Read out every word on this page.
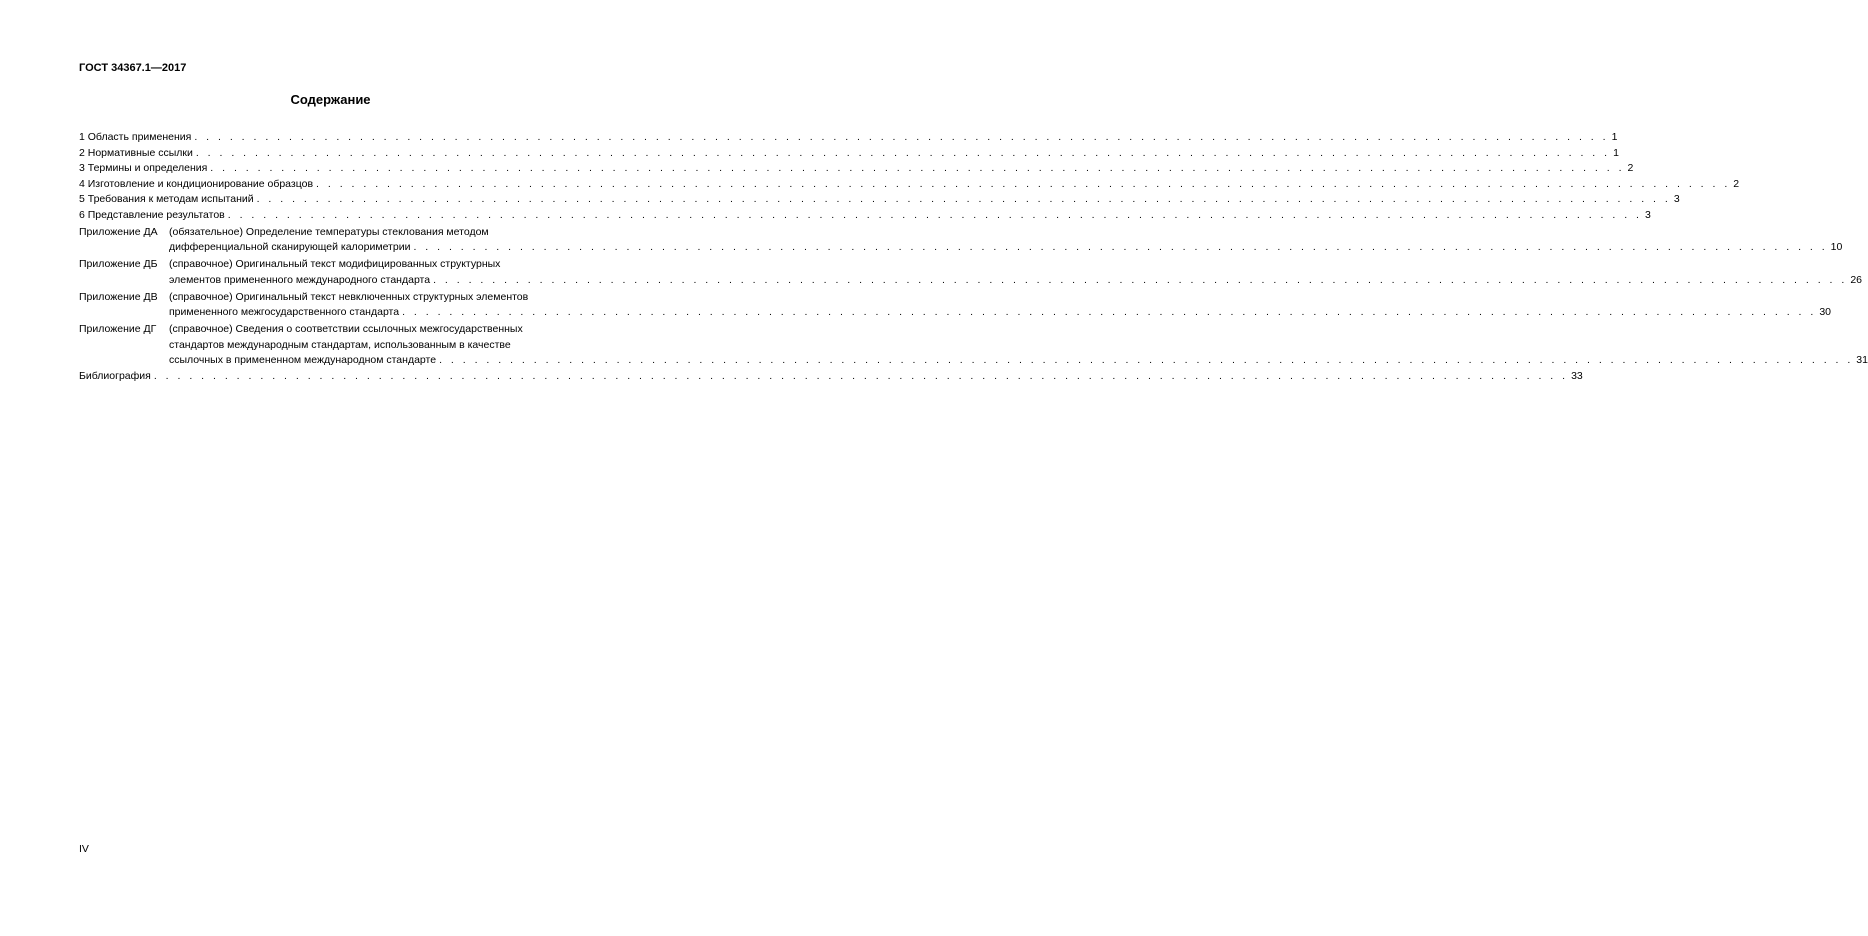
ГОСТ 34367.1—2017
Содержание
1 Область применения . . . . . . . . . . . . . . . . . . . . . . . . . . . . . . . . . . . . . . . . . . . . . . . . . . . . . . . . . . . . . . . . . . . . . . . . . . . . . . . . . . . . . . . . . . . . . . . . . . . . . . . . . . . . . . . . . . . . . . . . 1
2 Нормативные ссылки . . . . . . . . . . . . . . . . . . . . . . . . . . . . . . . . . . . . . . . . . . . . . . . . . . . . . . . . . . . . . . . . . . . . . . . . . . . . . . . . . . . . . . . . . . . . . . . . . . . . . . . . . . . . . . . . . . . . . . . . 1
3 Термины и определения . . . . . . . . . . . . . . . . . . . . . . . . . . . . . . . . . . . . . . . . . . . . . . . . . . . . . . . . . . . . . . . . . . . . . . . . . . . . . . . . . . . . . . . . . . . . . . . . . . . . . . . . . . . . . . . . . . . . . . . . 2
4 Изготовление и кондиционирование образцов . . . . . . . . . . . . . . . . . . . . . . . . . . . . . . . . . . . . . . . . . . . . . . . . . . . . . . . . . . . . . . . . . . . . . . . . . . . . . . . . . . . . . . . . . . . . . . . . . . . . . . . . . . . . . . . . . . . . . . . . 2
5 Требования к методам испытаний . . . . . . . . . . . . . . . . . . . . . . . . . . . . . . . . . . . . . . . . . . . . . . . . . . . . . . . . . . . . . . . . . . . . . . . . . . . . . . . . . . . . . . . . . . . . . . . . . . . . . . . . . . . . . . . . . . . . . . . . 3
6 Представление результатов . . . . . . . . . . . . . . . . . . . . . . . . . . . . . . . . . . . . . . . . . . . . . . . . . . . . . . . . . . . . . . . . . . . . . . . . . . . . . . . . . . . . . . . . . . . . . . . . . . . . . . . . . . . . . . . . . . . . . . . . 3
Приложение ДА	(обязательное) Определение температуры стеклования методом
дифференциальной сканирующей калориметрии . . . . . . . . . . . . . . . . . . . . . . . . . . . . . . . . . . . . . . . . . . . . . . . . . . . . . . . . . . . . . . . . . . . . . . . . . . . . . . . . . . . . . . . . . . . . . . . . . . . . . . . . . . . . . . . . . . . . . . . . 10
Приложение ДБ	(справочное) Оригинальный текст модифицированных структурных
элементов примененного международного стандарта . . . . . . . . . . . . . . . . . . . . . . . . . . . . . . . . . . . . . . . . . . . . . . . . . . . . . . . . . . . . . . . . . . . . . . . . . . . . . . . . . . . . . . . . . . . . . . . . . . . . . . . . . . . . . . . . . . . . . . . . 26
Приложение ДВ	(справочное) Оригинальный текст невключенных структурных элементов
примененного межгосударственного стандарта . . . . . . . . . . . . . . . . . . . . . . . . . . . . . . . . . . . . . . . . . . . . . . . . . . . . . . . . . . . . . . . . . . . . . . . . . . . . . . . . . . . . . . . . . . . . . . . . . . . . . . . . . . . . . . . . . . . . . . . . 30
Приложение ДГ	(справочное) Сведения о соответствии ссылочных межгосударственных
стандартов международным стандартам, использованным в качестве
ссылочных в примененном международном стандарте . . . . . . . . . . . . . . . . . . . . . . . . . . . . . . . . . . . . . . . . . . . . . . . . . . . . . . . . . . . . . . . . . . . . . . . . . . . . . . . . . . . . . . . . . . . . . . . . . . . . . . . . . . . . . . . . . . . . . . . . 31
Библиография . . . . . . . . . . . . . . . . . . . . . . . . . . . . . . . . . . . . . . . . . . . . . . . . . . . . . . . . . . . . . . . . . . . . . . . . . . . . . . . . . . . . . . . . . . . . . . . . . . . . . . . . . . . . . . . . . . . . . . . . 33
IV
